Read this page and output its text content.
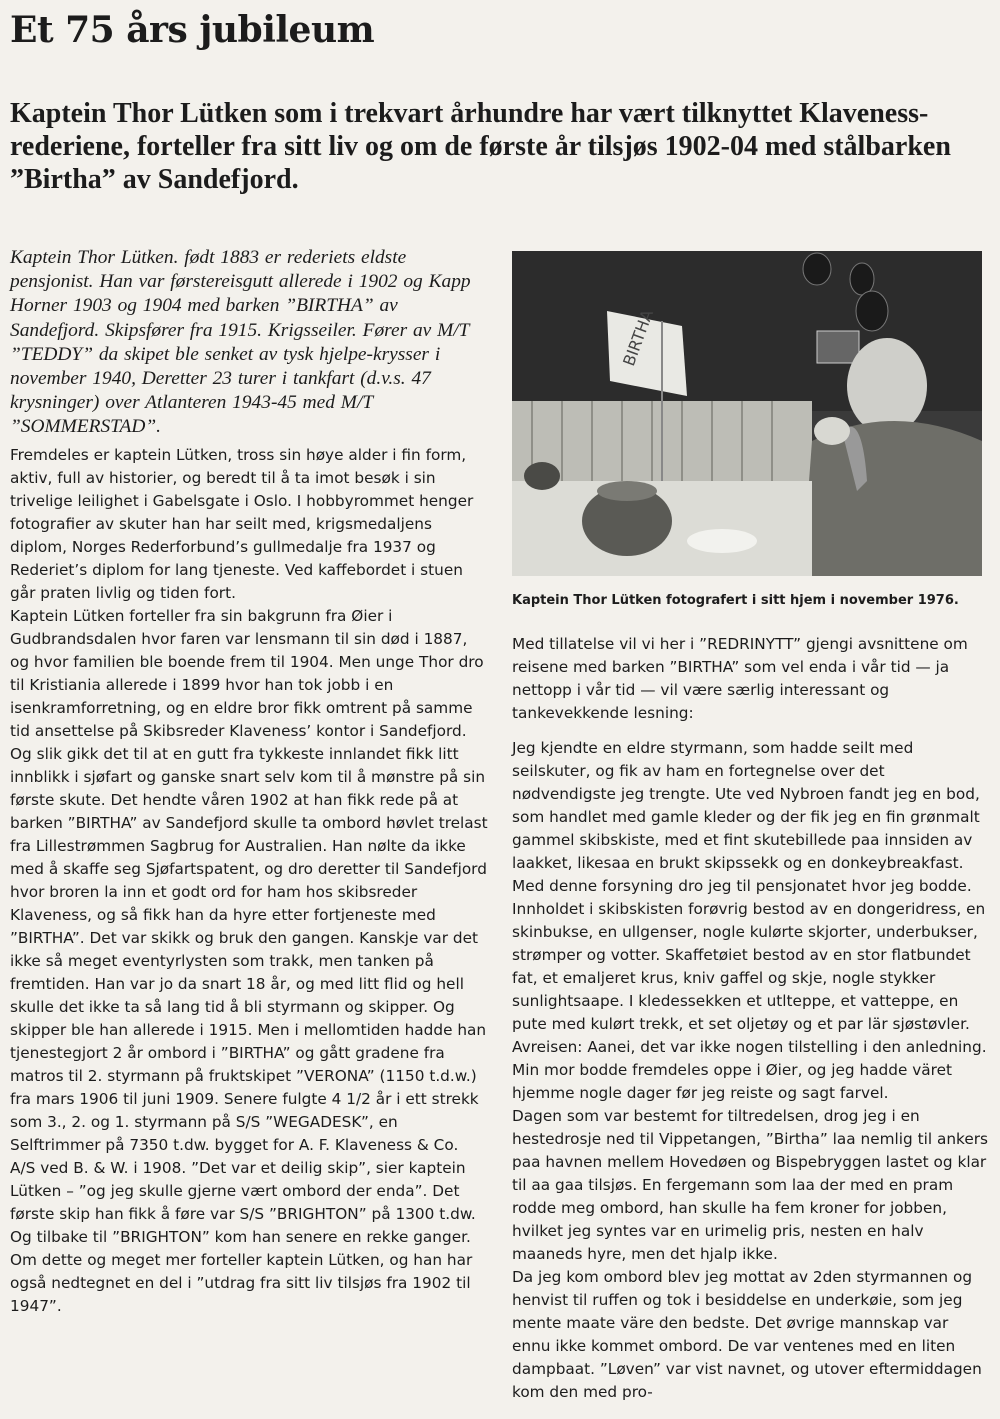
Et 75 års jubileum

Kaptein Thor Lütken som i trekvart århundre har vært tilknyttet Klaveness-rederiene, forteller fra sitt liv og om de første år tilsjøs 1902-04 med stålbarken ”Birtha” av Sandefjord.

Kaptein Thor Lütken. født 1883 er rederiets eldste pensjonist. Han var førstereisgutt allerede i 1902 og Kapp Horner 1903 og 1904 med barken ”BIRTHA” av Sandefjord. Skipsfører fra 1915. Krigsseiler. Fører av M/T ”TEDDY” da skipet ble senket av tysk hjelpe-krysser i november 1940, Deretter 23 turer i tankfart (d.v.s. 47 krysninger) over Atlanteren 1943-45 med M/T ”SOMMERSTAD”.

Fremdeles er kaptein Lütken, tross sin høye alder i fin form, aktiv, full av historier, og beredt til å ta imot besøk i sin trivelige leilighet i Gabelsgate i Oslo. I hobbyrommet henger fotografier av skuter han har seilt med, krigsmedaljens diplom, Norges Rederforbund’s gullmedalje fra 1937 og Rederiet’s diplom for lang tjeneste. Ved kaffebordet i stuen går praten livlig og tiden fort.

Kaptein Lütken forteller fra sin bakgrunn fra Øier i Gudbrandsdalen hvor faren var lensmann til sin død i 1887, og hvor familien ble boende frem til 1904. Men unge Thor dro til Kristiania allerede i 1899 hvor han tok jobb i en isenkramforretning, og en eldre bror fikk omtrent på samme tid ansettelse på Skibsreder Klaveness’ kontor i Sandefjord. Og slik gikk det til at en gutt fra tykkeste innlandet fikk litt innblikk i sjøfart og ganske snart selv kom til å mønstre på sin første skute. Det hendte våren 1902 at han fikk rede på at barken ”BIRTHA” av Sandefjord skulle ta ombord høvlet trelast fra Lillestrømmen Sagbrug for Australien. Han nølte da ikke med å skaffe seg Sjøfartspatent, og dro deretter til Sandefjord hvor broren la inn et godt ord for ham hos skibsreder Klaveness, og så fikk han da hyre etter fortjeneste med ”BIRTHA”. Det var skikk og bruk den gangen. Kanskje var det ikke så meget eventyrlysten som trakk, men tanken på fremtiden. Han var jo da snart 18 år, og med litt flid og hell skulle det ikke ta så lang tid å bli styrmann og skipper. Og skipper ble han allerede i 1915. Men i mellomtiden hadde han tjenestegjort 2 år ombord i ”BIRTHA” og gått gradene fra matros til 2. styrmann på fruktskipet ”VERONA” (1150 t.d.w.) fra mars 1906 til juni 1909. Senere fulgte 4 1/2 år i ett strekk som 3., 2. og 1. styrmann på S/S ”WEGADESK”, en Selftrimmer på 7350 t.dw. bygget for A. F. Klaveness & Co. A/S ved B. & W. i 1908. ”Det var et deilig skip”, sier kaptein Lütken – ”og jeg skulle gjerne vært ombord der enda”. Det første skip han fikk å føre var S/S ”BRIGHTON” på 1300 t.dw. Og tilbake til ”BRIGHTON” kom han senere en rekke ganger. Om dette og meget mer forteller kaptein Lütken, og han har også nedtegnet en del i ”utdrag fra sitt liv tilsjøs fra 1902 til 1947”.

BIRTHA

Kaptein Thor Lütken fotografert i sitt hjem i november 1976.

Med tillatelse vil vi her i ”REDRINYTT” gjengi avsnittene om reisene med barken ”BIRTHA” som vel enda i vår tid — ja nettopp i vår tid — vil være særlig interessant og tankevekkende lesning:

Jeg kjendte en eldre styrmann, som hadde seilt med seilskuter, og fik av ham en fortegnelse over det nødvendigste jeg trengte. Ute ved Nybroen fandt jeg en bod, som handlet med gamle kleder og der fik jeg en fin grønmalt gammel skibskiste, med et fint skutebillede paa innsiden av laakket, likesaa en brukt skipssekk og en donkeybreakfast. Med denne forsyning dro jeg til pensjonatet hvor jeg bodde. Innholdet i skibskisten forøvrig bestod av en dongeridress, en skinbukse, en ullgenser, nogle kulørte skjorter, underbukser, strømper og votter. Skaffetøiet bestod av en stor flatbundet fat, et emaljeret krus, kniv gaffel og skje, nogle stykker sunlightsaape. I kledessekken et utlteppe, et vatteppe, en pute med kulørt trekk, et set oljetøy og et par lär sjøstøvler.

Avreisen: Aanei, det var ikke nogen tilstelling i den anledning. Min mor bodde fremdeles oppe i Øier, og jeg hadde väret hjemme nogle dager før jeg reiste og sagt farvel.

Dagen som var bestemt for tiltredelsen, drog jeg i en hestedrosje ned til Vippetangen, ”Birtha” laa nemlig til ankers paa havnen mellem Hovedøen og Bispebryggen lastet og klar til aa gaa tilsjøs. En fergemann som laa der med en pram rodde meg ombord, han skulle ha fem kroner for jobben, hvilket jeg syntes var en urimelig pris, nesten en halv maaneds hyre, men det hjalp ikke.

Da jeg kom ombord blev jeg mottat av 2den styrmannen og henvist til ruffen og tok i besiddelse en underkøie, som jeg mente maate väre den bedste. Det øvrige mannskap var ennu ikke kommet ombord. De var ventenes med en liten dampbaat. ”Løven” var vist navnet, og utover eftermiddagen kom den med pro-
